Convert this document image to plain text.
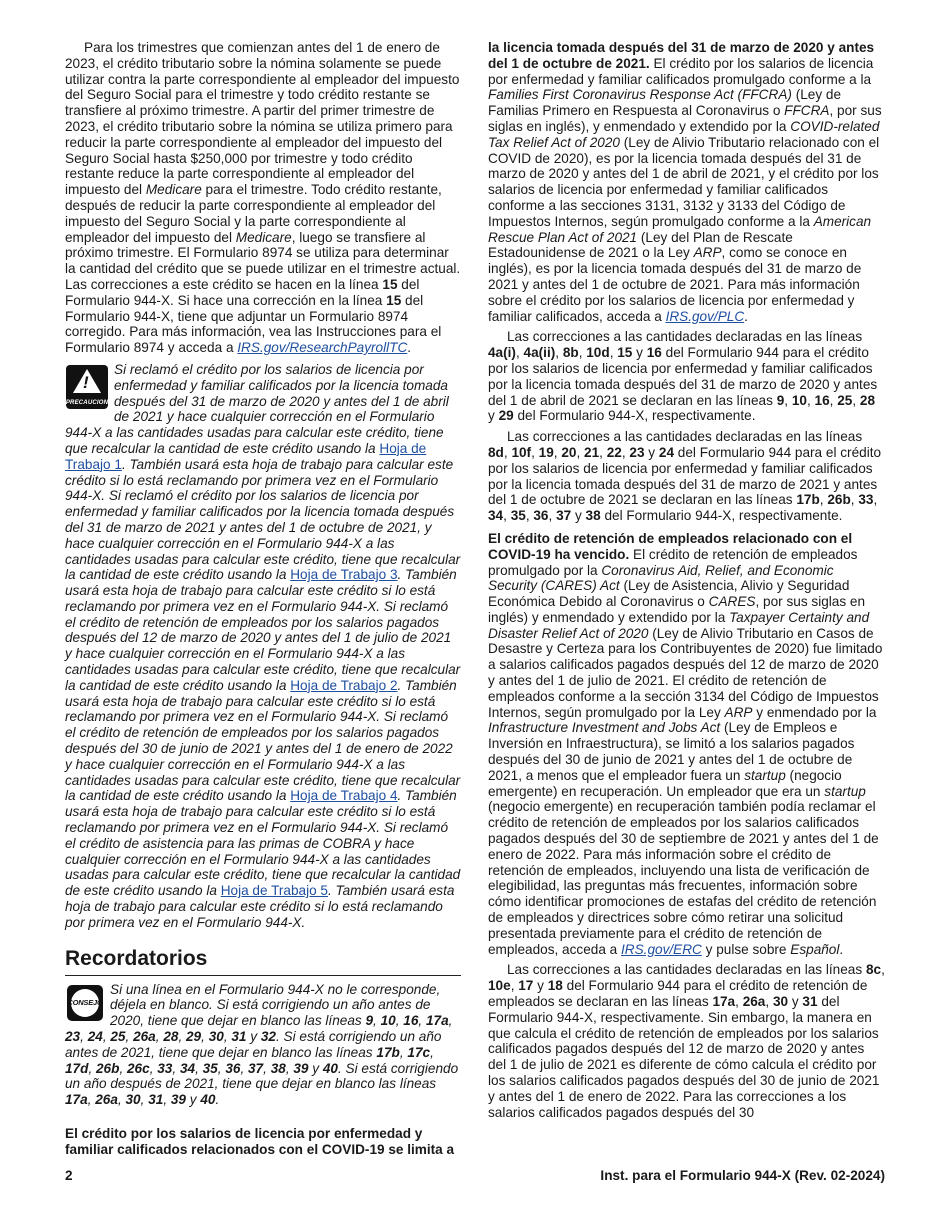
Para los trimestres que comienzan antes del 1 de enero de 2023, el crédito tributario sobre la nómina solamente se puede utilizar contra la parte correspondiente al empleador del impuesto del Seguro Social para el trimestre y todo crédito restante se transfiere al próximo trimestre. A partir del primer trimestre de 2023, el crédito tributario sobre la nómina se utiliza primero para reducir la parte correspondiente al empleador del impuesto del Seguro Social hasta $250,000 por trimestre y todo crédito restante reduce la parte correspondiente al empleador del impuesto del Medicare para el trimestre. Todo crédito restante, después de reducir la parte correspondiente al empleador del impuesto del Seguro Social y la parte correspondiente al empleador del impuesto del Medicare, luego se transfiere al próximo trimestre. El Formulario 8974 se utiliza para determinar la cantidad del crédito que se puede utilizar en el trimestre actual. Las correcciones a este crédito se hacen en la línea 15 del Formulario 944-X. Si hace una corrección en la línea 15 del Formulario 944-X, tiene que adjuntar un Formulario 8974 corregido. Para más información, vea las Instrucciones para el Formulario 8974 y acceda a IRS.gov/ResearchPayrollTC.

!
PRECAUCION
Si reclamó el crédito por los salarios de licencia por enfermedad y familiar calificados por la licencia tomada después del 31 de marzo de 2020 y antes del 1 de abril de 2021 y hace cualquier corrección en el Formulario 944-X a las cantidades usadas para calcular este crédito, tiene que recalcular la cantidad de este crédito usando la Hoja de Trabajo 1. También usará esta hoja de trabajo para calcular este crédito si lo está reclamando por primera vez en el Formulario 944-X. Si reclamó el crédito por los salarios de licencia por enfermedad y familiar calificados por la licencia tomada después del 31 de marzo de 2021 y antes del 1 de octubre de 2021, y hace cualquier corrección en el Formulario 944-X a las cantidades usadas para calcular este crédito, tiene que recalcular la cantidad de este crédito usando la Hoja de Trabajo 3. También usará esta hoja de trabajo para calcular este crédito si lo está reclamando por primera vez en el Formulario 944-X. Si reclamó el crédito de retención de empleados por los salarios pagados después del 12 de marzo de 2020 y antes del 1 de julio de 2021 y hace cualquier corrección en el Formulario 944-X a las cantidades usadas para calcular este crédito, tiene que recalcular la cantidad de este crédito usando la Hoja de Trabajo 2. También usará esta hoja de trabajo para calcular este crédito si lo está reclamando por primera vez en el Formulario 944-X. Si reclamó el crédito de retención de empleados por los salarios pagados después del 30 de junio de 2021 y antes del 1 de enero de 2022 y hace cualquier corrección en el Formulario 944-X a las cantidades usadas para calcular este crédito, tiene que recalcular la cantidad de este crédito usando la Hoja de Trabajo 4. También usará esta hoja de trabajo para calcular este crédito si lo está reclamando por primera vez en el Formulario 944-X. Si reclamó el crédito de asistencia para las primas de COBRA y hace cualquier corrección en el Formulario 944-X a las cantidades usadas para calcular este crédito, tiene que recalcular la cantidad de este crédito usando la Hoja de Trabajo 5. También usará esta hoja de trabajo para calcular este crédito si lo está reclamando por primera vez en el Formulario 944-X.
Recordatorios
CONSEJO
Si una línea en el Formulario 944-X no le corresponde, déjela en blanco. Si está corrigiendo un año antes de 2020, tiene que dejar en blanco las líneas 9, 10, 16, 17a, 23, 24, 25, 26a, 28, 29, 30, 31 y 32. Si está corrigiendo un año antes de 2021, tiene que dejar en blanco las líneas 17b, 17c, 17d, 26b, 26c, 33, 34, 35, 36, 37, 38, 39 y 40. Si está corrigiendo un año después de 2021, tiene que dejar en blanco las líneas 17a, 26a, 30, 31, 39 y 40.

El crédito por los salarios de licencia por enfermedad y familiar calificados relacionados con el COVID-19 se limita a

la licencia tomada después del 31 de marzo de 2020 y antes del 1 de octubre de 2021. El crédito por los salarios de licencia por enfermedad y familiar calificados promulgado conforme a la Families First Coronavirus Response Act (FFCRA) (Ley de Familias Primero en Respuesta al Coronavirus o FFCRA, por sus siglas en inglés), y enmendado y extendido por la COVID-related Tax Relief Act of 2020 (Ley de Alivio Tributario relacionado con el COVID de 2020), es por la licencia tomada después del 31 de marzo de 2020 y antes del 1 de abril de 2021, y el crédito por los salarios de licencia por enfermedad y familiar calificados conforme a las secciones 3131, 3132 y 3133 del Código de Impuestos Internos, según promulgado conforme a la American Rescue Plan Act of 2021 (Ley del Plan de Rescate Estadounidense de 2021 o la Ley ARP, como se conoce en inglés), es por la licencia tomada después del 31 de marzo de 2021 y antes del 1 de octubre de 2021. Para más información sobre el crédito por los salarios de licencia por enfermedad y familiar calificados, acceda a IRS.gov/PLC.

Las correcciones a las cantidades declaradas en las líneas 4a(i), 4a(ii), 8b, 10d, 15 y 16 del Formulario 944 para el crédito por los salarios de licencia por enfermedad y familiar calificados por la licencia tomada después del 31 de marzo de 2020 y antes del 1 de abril de 2021 se declaran en las líneas 9, 10, 16, 25, 28 y 29 del Formulario 944-X, respectivamente.

Las correcciones a las cantidades declaradas en las líneas 8d, 10f, 19, 20, 21, 22, 23 y 24 del Formulario 944 para el crédito por los salarios de licencia por enfermedad y familiar calificados por la licencia tomada después del 31 de marzo de 2021 y antes del 1 de octubre de 2021 se declaran en las líneas 17b, 26b, 33, 34, 35, 36, 37 y 38 del Formulario 944-X, respectivamente.

El crédito de retención de empleados relacionado con el COVID-19 ha vencido. El crédito de retención de empleados promulgado por la Coronavirus Aid, Relief, and Economic Security (CARES) Act (Ley de Asistencia, Alivio y Seguridad Económica Debido al Coronavirus o CARES, por sus siglas en inglés) y enmendado y extendido por la Taxpayer Certainty and Disaster Relief Act of 2020 (Ley de Alivio Tributario en Casos de Desastre y Certeza para los Contribuyentes de 2020) fue limitado a salarios calificados pagados después del 12 de marzo de 2020 y antes del 1 de julio de 2021. El crédito de retención de empleados conforme a la sección 3134 del Código de Impuestos Internos, según promulgado por la Ley ARP y enmendado por la Infrastructure Investment and Jobs Act (Ley de Empleos e Inversión en Infraestructura), se limitó a los salarios pagados después del 30 de junio de 2021 y antes del 1 de octubre de 2021, a menos que el empleador fuera un startup (negocio emergente) en recuperación. Un empleador que era un startup (negocio emergente) en recuperación también podía reclamar el crédito de retención de empleados por los salarios calificados pagados después del 30 de septiembre de 2021 y antes del 1 de enero de 2022. Para más información sobre el crédito de retención de empleados, incluyendo una lista de verificación de elegibilidad, las preguntas más frecuentes, información sobre cómo identificar promociones de estafas del crédito de retención de empleados y directrices sobre cómo retirar una solicitud presentada previamente para el crédito de retención de empleados, acceda a IRS.gov/ERC y pulse sobre Español.

Las correcciones a las cantidades declaradas en las líneas 8c, 10e, 17 y 18 del Formulario 944 para el crédito de retención de empleados se declaran en las líneas 17a, 26a, 30 y 31 del Formulario 944-X, respectivamente. Sin embargo, la manera en que calcula el crédito de retención de empleados por los salarios calificados pagados después del 12 de marzo de 2020 y antes del 1 de julio de 2021 es diferente de cómo calcula el crédito por los salarios calificados pagados después del 30 de junio de 2021 y antes del 1 de enero de 2022. Para las correcciones a los salarios calificados pagados después del 30

2	Inst. para el Formulario 944-X (Rev. 02-2024)
